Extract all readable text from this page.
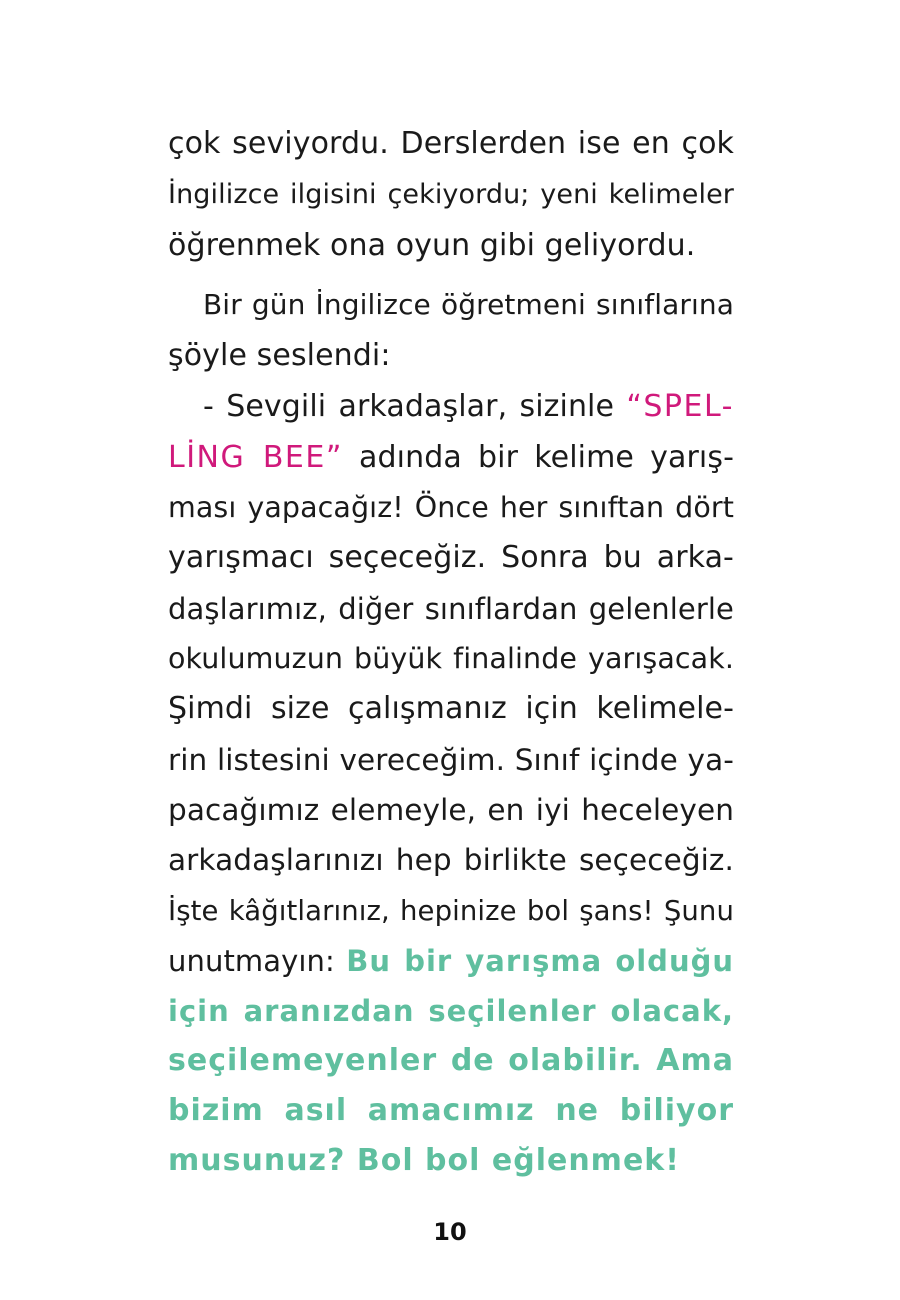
çok seviyordu. Derslerden ise en çok
İngilizce ilgisini çekiyordu; yeni kelimeler
öğrenmek ona oyun gibi geliyordu.
Bir gün İngilizce öğretmeni sınıflarına
şöyle seslendi:
- Sevgili arkadaşlar, sizinle “SPEL-
LİNG BEE” adında bir kelime yarış-
ması yapacağız! Önce her sınıftan dört
yarışmacı seçeceğiz. Sonra bu arka-
daşlarımız, diğer sınıflardan gelenlerle
okulumuzun büyük finalinde yarışacak.
Şimdi size çalışmanız için kelimele-
rin listesini vereceğim. Sınıf içinde ya-
pacağımız elemeyle, en iyi heceleyen
arkadaşlarınızı hep birlikte seçeceğiz.
İşte kâğıtlarınız, hepinize bol şans! Şunu
unutmayın: Bu bir yarışma olduğu
için aranızdan seçilenler olacak,
seçilemeyenler de olabilir. Ama
bizim asıl amacımız ne biliyor
musunuz? Bol bol eğlenmek!
10
